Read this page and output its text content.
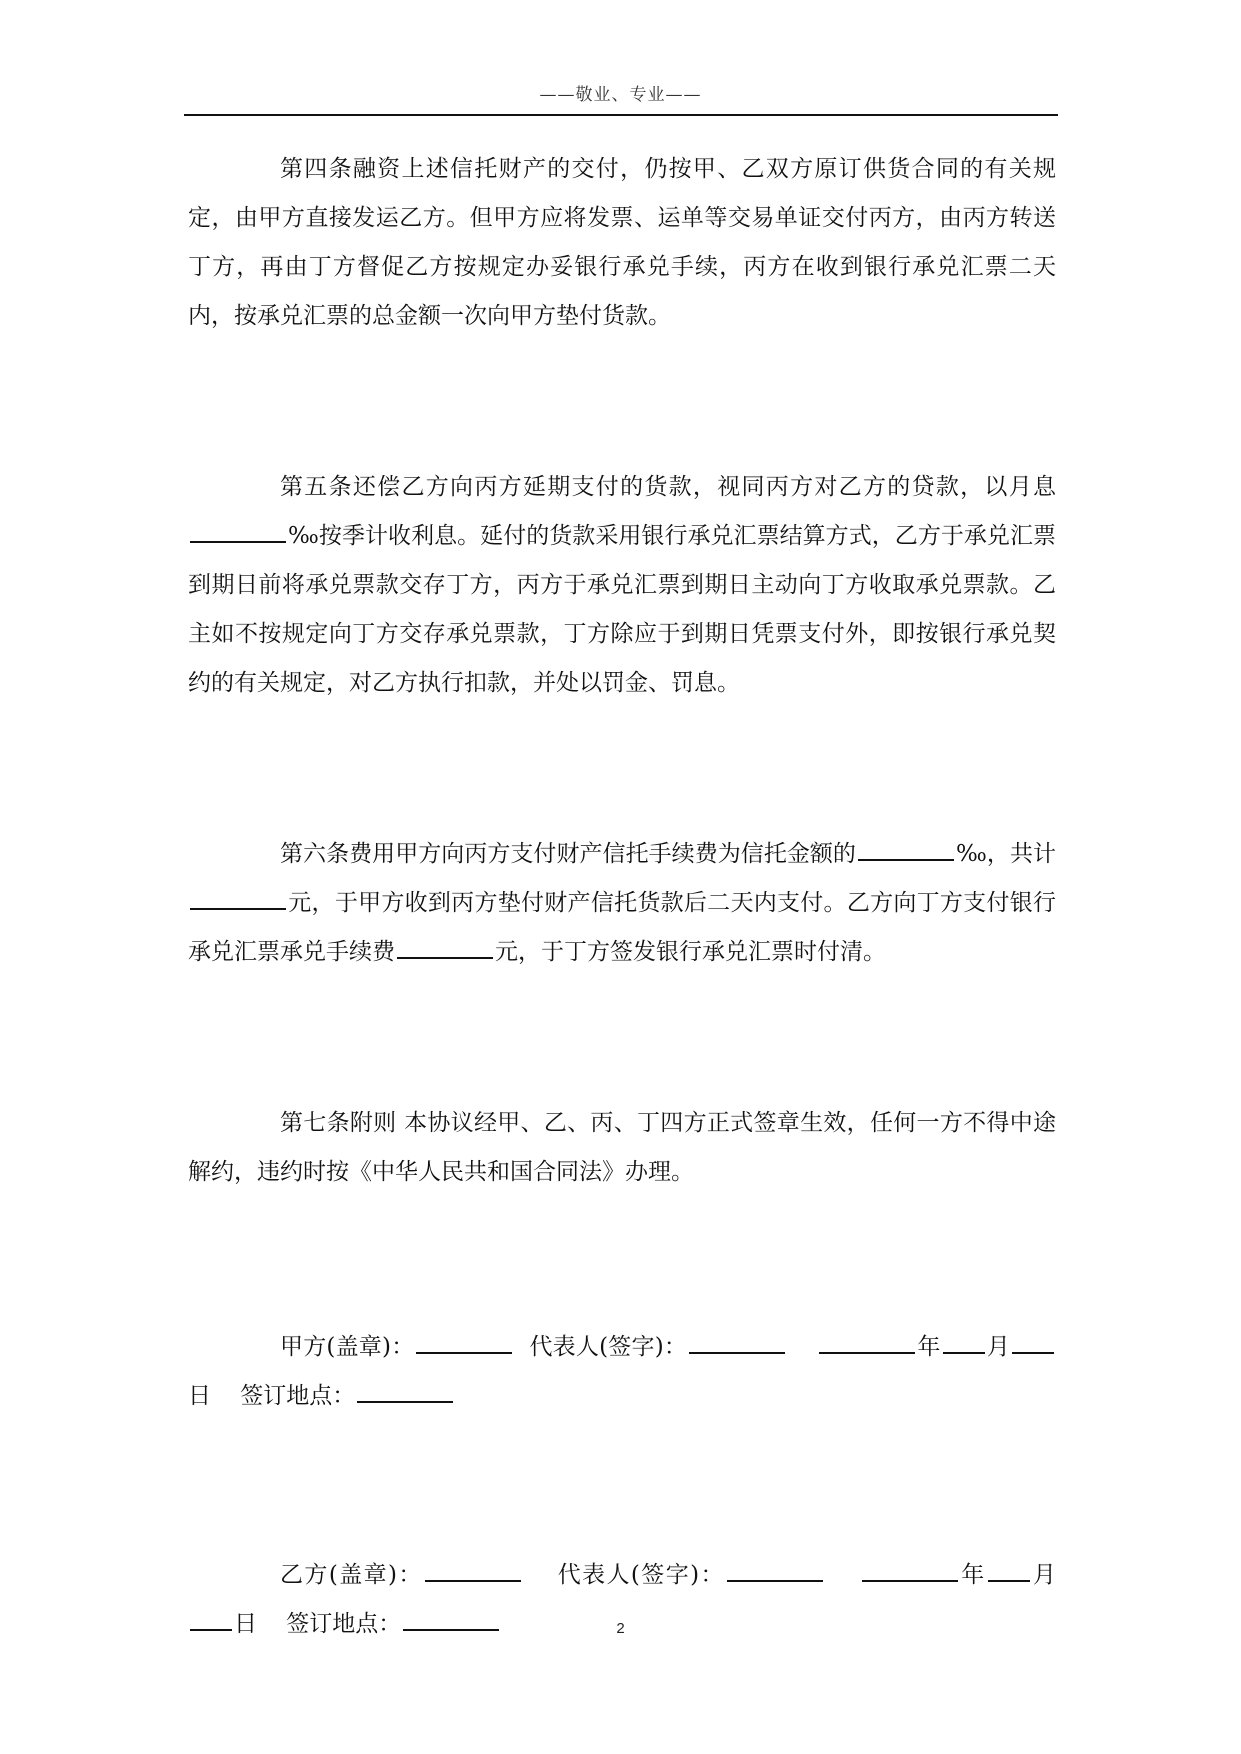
——敬业、专业——

第四条融资上述信托财产的交付，仍按甲、乙双方原订供货合同的有关规定，由甲方直接发运乙方。但甲方应将发票、运单等交易单证交付丙方，由丙方转送丁方，再由丁方督促乙方按规定办妥银行承兑手续，丙方在收到银行承兑汇票二天内，按承兑汇票的总金额一次向甲方垫付货款。

第五条还偿乙方向丙方延期支付的货款，视同丙方对乙方的贷款，以月息‰按季计收利息。延付的货款采用银行承兑汇票结算方式，乙方于承兑汇票到期日前将承兑票款交存丁方，丙方于承兑汇票到期日主动向丁方收取承兑票款。乙主如不按规定向丁方交存承兑票款，丁方除应于到期日凭票支付外，即按银行承兑契约的有关规定，对乙方执行扣款，并处以罚金、罚息。

第六条费用甲方向丙方支付财产信托手续费为信托金额的	‰，共计元，于甲方收到丙方垫付财产信托货款后二天内支付。乙方向丁方支付银行承兑汇票承兑手续费	元，于丁方签发银行承兑汇票时付清。

第七条附则 本协议经甲、乙、丙、丁四方正式签章生效，任何一方不得中途解约，违约时按《中华人民共和国合同法》办理。

甲方(盖章)：	代表人(签字)：	年 月日 签订地点：

乙方(盖章)：	代表人(签字)：	年 月日 签订地点：	2
